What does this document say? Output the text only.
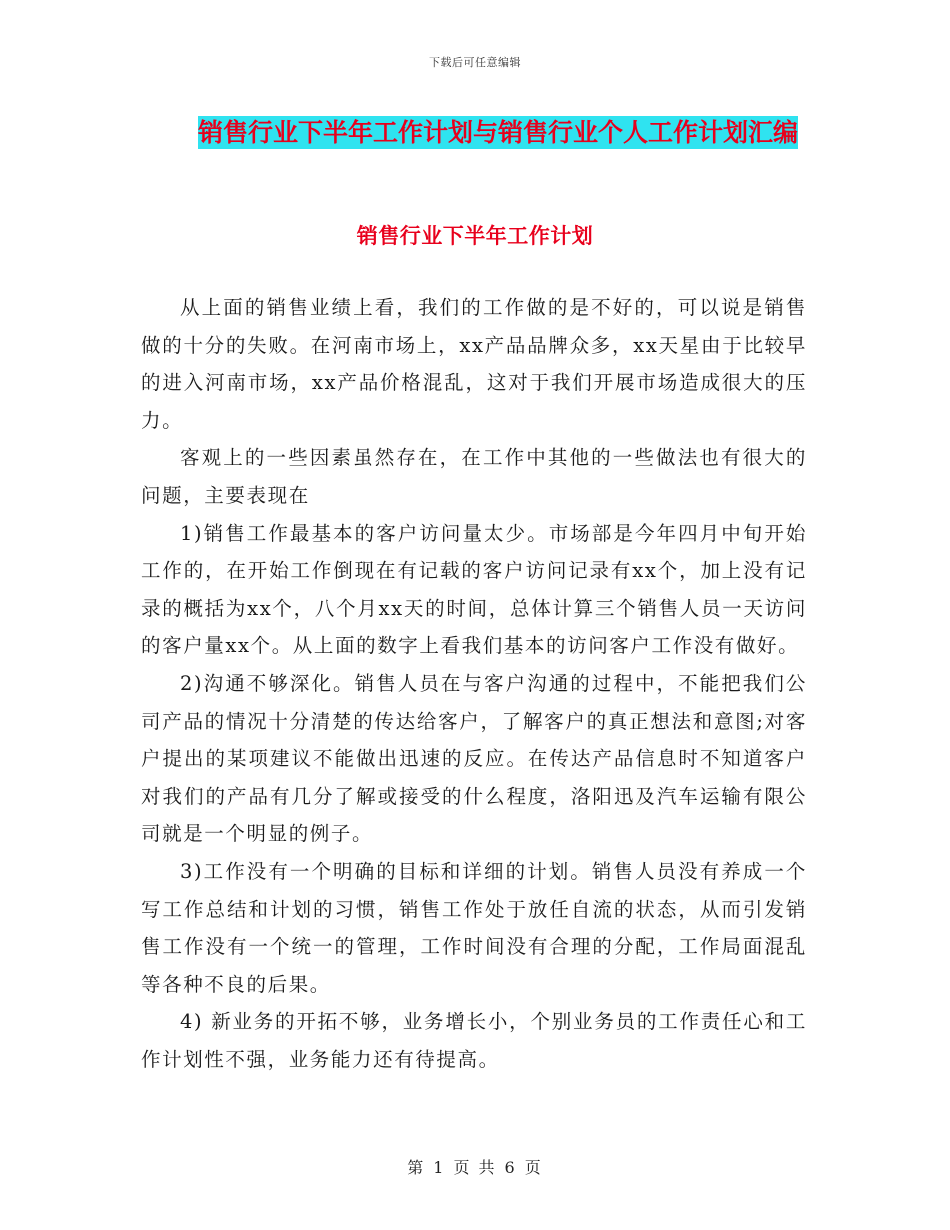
下载后可任意编辑
销售行业下半年工作计划与销售行业个人工作计划汇编
销售行业下半年工作计划

从上面的销售业绩上看，我们的工作做的是不好的，可以说是销售做的十分的失败。在河南市场上，xx产品品牌众多，xx天星由于比较早的进入河南市场，xx产品价格混乱，这对于我们开展市场造成很大的压力。

客观上的一些因素虽然存在，在工作中其他的一些做法也有很大的问题，主要表现在

1)销售工作最基本的客户访问量太少。市场部是今年四月中旬开始工作的，在开始工作倒现在有记载的客户访问记录有xx个，加上没有记录的概括为xx个，八个月xx天的时间，总体计算三个销售人员一天访问的客户量xx个。从上面的数字上看我们基本的访问客户工作没有做好。

2)沟通不够深化。销售人员在与客户沟通的过程中，不能把我们公司产品的情况十分清楚的传达给客户，了解客户的真正想法和意图;对客户提出的某项建议不能做出迅速的反应。在传达产品信息时不知道客户对我们的产品有几分了解或接受的什么程度，洛阳迅及汽车运输有限公司就是一个明显的例子。

3)工作没有一个明确的目标和详细的计划。销售人员没有养成一个写工作总结和计划的习惯，销售工作处于放任自流的状态，从而引发销售工作没有一个统一的管理，工作时间没有合理的分配，工作局面混乱等各种不良的后果。

4) 新业务的开拓不够，业务增长小，个别业务员的工作责任心和工作计划性不强，业务能力还有待提高。

第 1 页 共 6 页
